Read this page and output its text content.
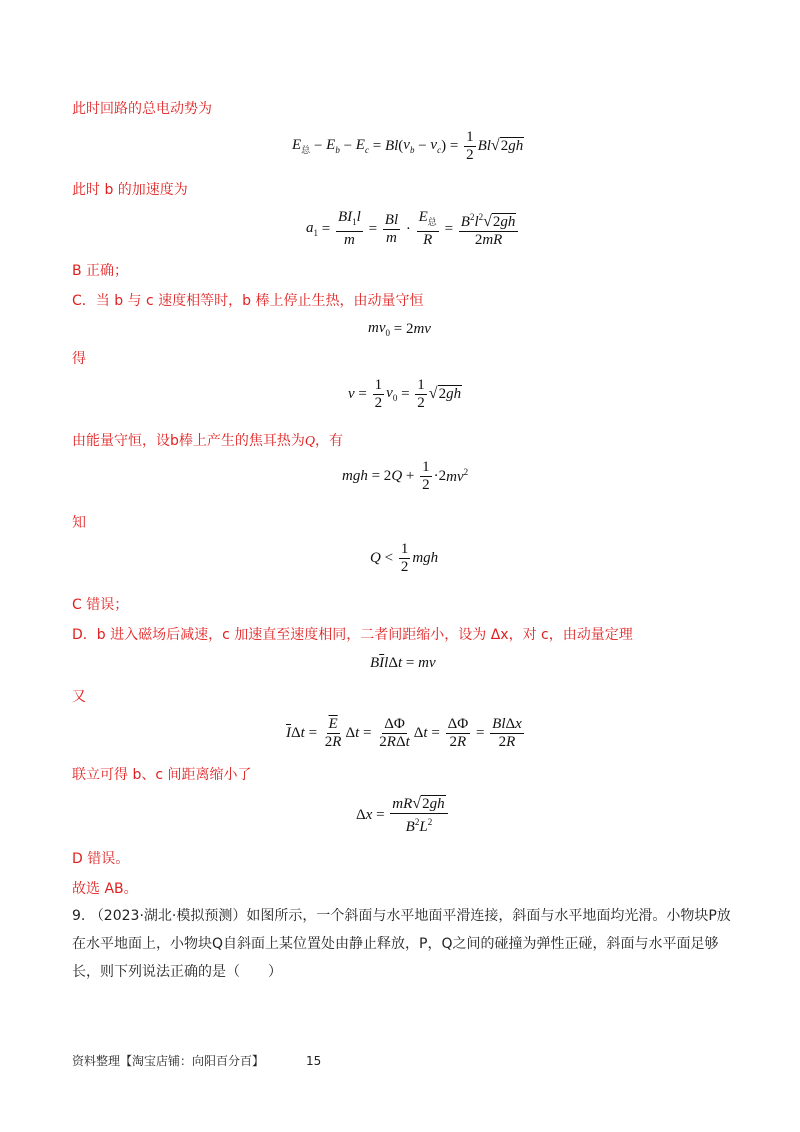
此时回路的总电动势为
$E_总 - E_b - E_c = Bl$ ( $v_b - v_c$ ) = $\frac{1}{2}$ Bl √ 2gh
此时 b 的加速度为
$a_1 = \frac{BI_1l}{m} = \frac{Bl}{m} \cdot \frac{E_总}{R} = \frac{B^2l^2 √ 2gh}{2mR}$
B 正确；
C．当 b 与 c 速度相等时，b 棒上停止生热，由动量守恒
$mv_0 = 2$ mv
得
$v = \frac{1}{2} v_0 = \frac{1}{2}$ √ 2gh
由能量守恒，设b棒上产生的焦耳热为Q，有
mgh = 2 $Q + \frac{1}{2} \cdot 2$ $mv^2$
知
$Q < \frac{1}{2}$ mgh
C 错误；
D．b 进入磁场后减速，c 加速直至速度相同，二者间距缩小，设为 Δx，对 c，由动量定理
B $\overline{I}$ l Δ t = mv
又
$\overline{I}$ Δ $t = \frac{\overline{E}}{2R}$ Δ $t = \frac{\Delta\Phi}{\text{2RΔt}}$ Δ $t = \frac{\Delta\Phi}{2R} = \frac{\text{BlΔx}}{2R}$
联立可得 b、c 间距离缩小了
Δ $x = \frac{mR √ 2gh}{B^2L^2}$
D 错误。
故选 AB。
9. （2023·湖北·模拟预测）如图所示，一个斜面与水平地面平滑连接，斜面与水平地面均光滑。小物块P放在水平地面上，小物块Q自斜面上某位置处由静止释放，P，Q之间的碰撞为弹性正碰，斜面与水平面足够长，则下列说法正确的是（　　）
资料整理【淘宝店铺：向阳百分百】	15
